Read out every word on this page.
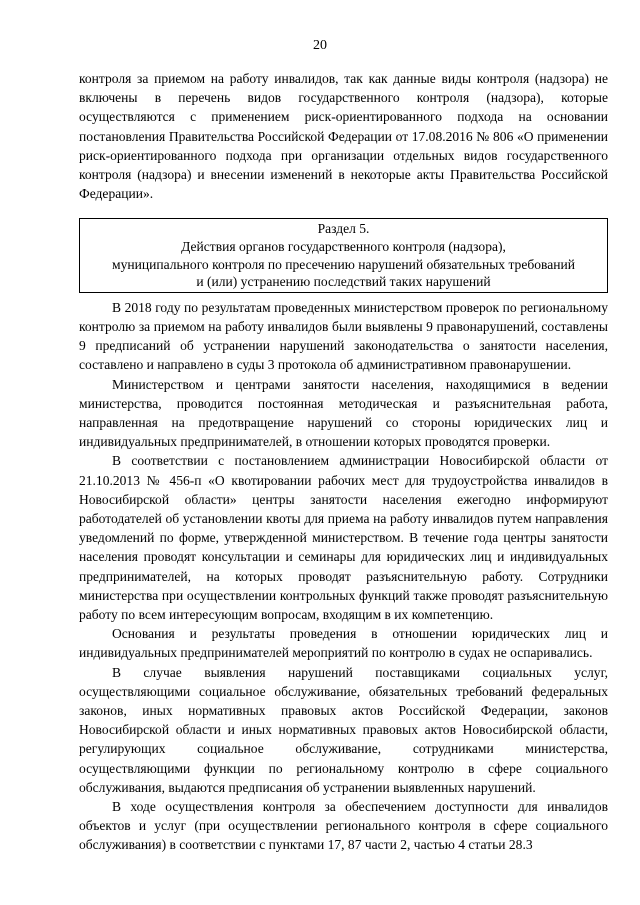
20

контроля за приемом на работу инвалидов, так как данные виды контроля (надзора) не включены в перечень видов государственного контроля (надзора), которые осуществляются с применением риск-ориентированного подхода на основании постановления Правительства Российской Федерации от 17.08.2016 № 806 «О применении риск-ориентированного подхода при организации отдельных видов государственного контроля (надзора) и внесении изменений в некоторые акты Правительства Российской Федерации».

Раздел 5.
Действия органов государственного контроля (надзора),
муниципального контроля по пресечению нарушений обязательных требований
и (или) устранению последствий таких нарушений

В 2018 году по результатам проведенных министерством проверок по региональному контролю за приемом на работу инвалидов были выявлены 9 правонарушений, составлены 9 предписаний об устранении нарушений законодательства о занятости населения, составлено и направлено в суды 3 протокола об административном правонарушении.

Министерством и центрами занятости населения, находящимися в ведении министерства, проводится постоянная методическая и разъяснительная работа, направленная на предотвращение нарушений со стороны юридических лиц и индивидуальных предпринимателей, в отношении которых проводятся проверки.

В соответствии с постановлением администрации Новосибирской области от 21.10.2013 № 456-п «О квотировании рабочих мест для трудоустройства инвалидов в Новосибирской области» центры занятости населения ежегодно информируют работодателей об установлении квоты для приема на работу инвалидов путем направления уведомлений по форме, утвержденной министерством. В течение года центры занятости населения проводят консультации и семинары для юридических лиц и индивидуальных предпринимателей, на которых проводят разъяснительную работу. Сотрудники министерства при осуществлении контрольных функций также проводят разъяснительную работу по всем интересующим вопросам, входящим в их компетенцию.

Основания и результаты проведения в отношении юридических лиц и индивидуальных предпринимателей мероприятий по контролю в судах не оспаривались.

В случае выявления нарушений поставщиками социальных услуг, осуществляющими социальное обслуживание, обязательных требований федеральных законов, иных нормативных правовых актов Российской Федерации, законов Новосибирской области и иных нормативных правовых актов Новосибирской области, регулирующих социальное обслуживание, сотрудниками министерства, осуществляющими функции по региональному контролю в сфере социального обслуживания, выдаются предписания об устранении выявленных нарушений.

В ходе осуществления контроля за обеспечением доступности для инвалидов объектов и услуг (при осуществлении регионального контроля в сфере социального обслуживания) в соответствии с пунктами 17, 87 части 2, частью 4 статьи 28.3
